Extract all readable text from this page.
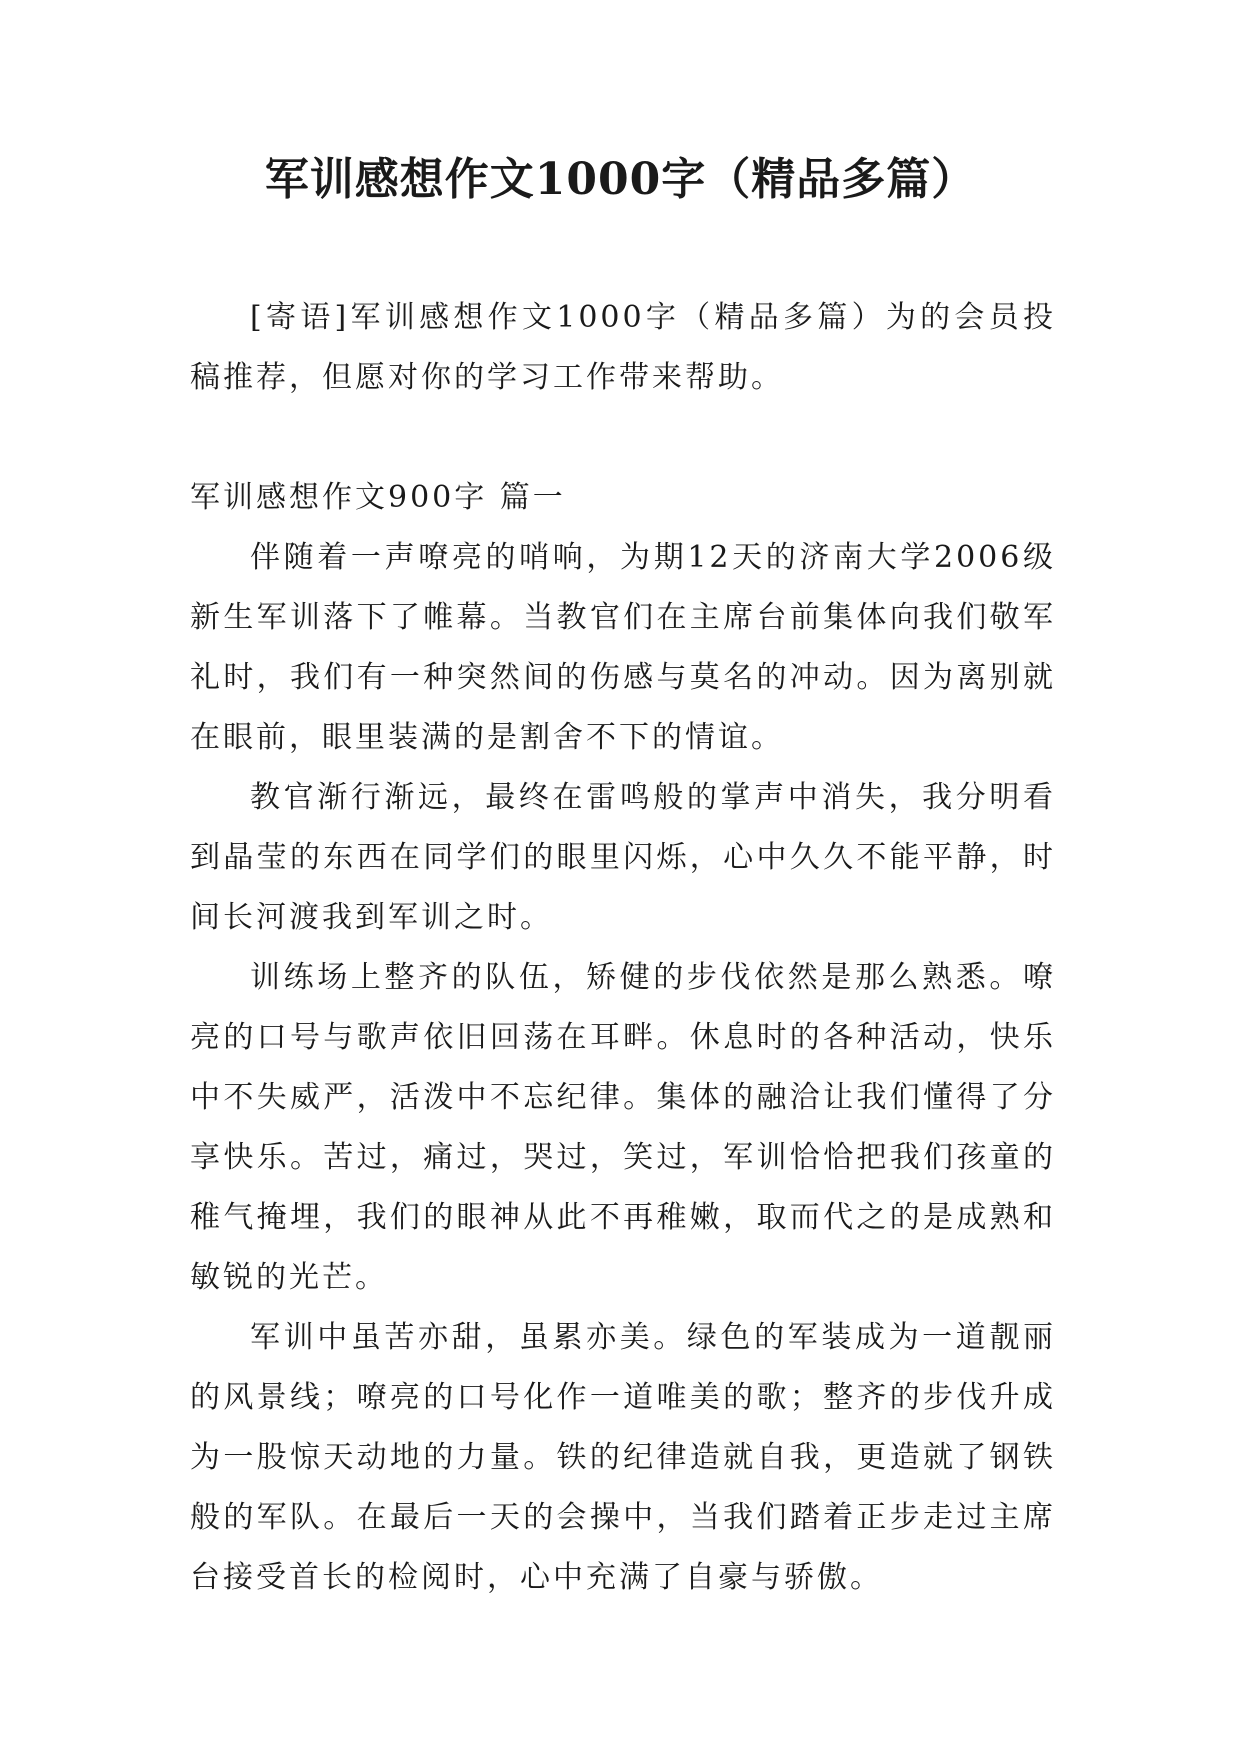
军训感想作文1000字（精品多篇）

[寄语]军训感想作文1000字（精品多篇）为的会员投稿推荐，但愿对你的学习工作带来帮助。

军训感想作文900字 篇一

伴随着一声嘹亮的哨响，为期12天的济南大学2006级新生军训落下了帷幕。当教官们在主席台前集体向我们敬军礼时，我们有一种突然间的伤感与莫名的冲动。因为离别就在眼前，眼里装满的是割舍不下的情谊。

教官渐行渐远，最终在雷鸣般的掌声中消失，我分明看到晶莹的东西在同学们的眼里闪烁，心中久久不能平静，时间长河渡我到军训之时。

训练场上整齐的队伍，矫健的步伐依然是那么熟悉。嘹亮的口号与歌声依旧回荡在耳畔。休息时的各种活动，快乐中不失威严，活泼中不忘纪律。集体的融洽让我们懂得了分享快乐。苦过，痛过，哭过，笑过，军训恰恰把我们孩童的稚气掩埋，我们的眼神从此不再稚嫩，取而代之的是成熟和敏锐的光芒。

军训中虽苦亦甜，虽累亦美。绿色的军装成为一道靓丽的风景线；嘹亮的口号化作一道唯美的歌；整齐的步伐升成为一股惊天动地的力量。铁的纪律造就自我，更造就了钢铁般的军队。在最后一天的会操中，当我们踏着正步走过主席台接受首长的检阅时，心中充满了自豪与骄傲。
